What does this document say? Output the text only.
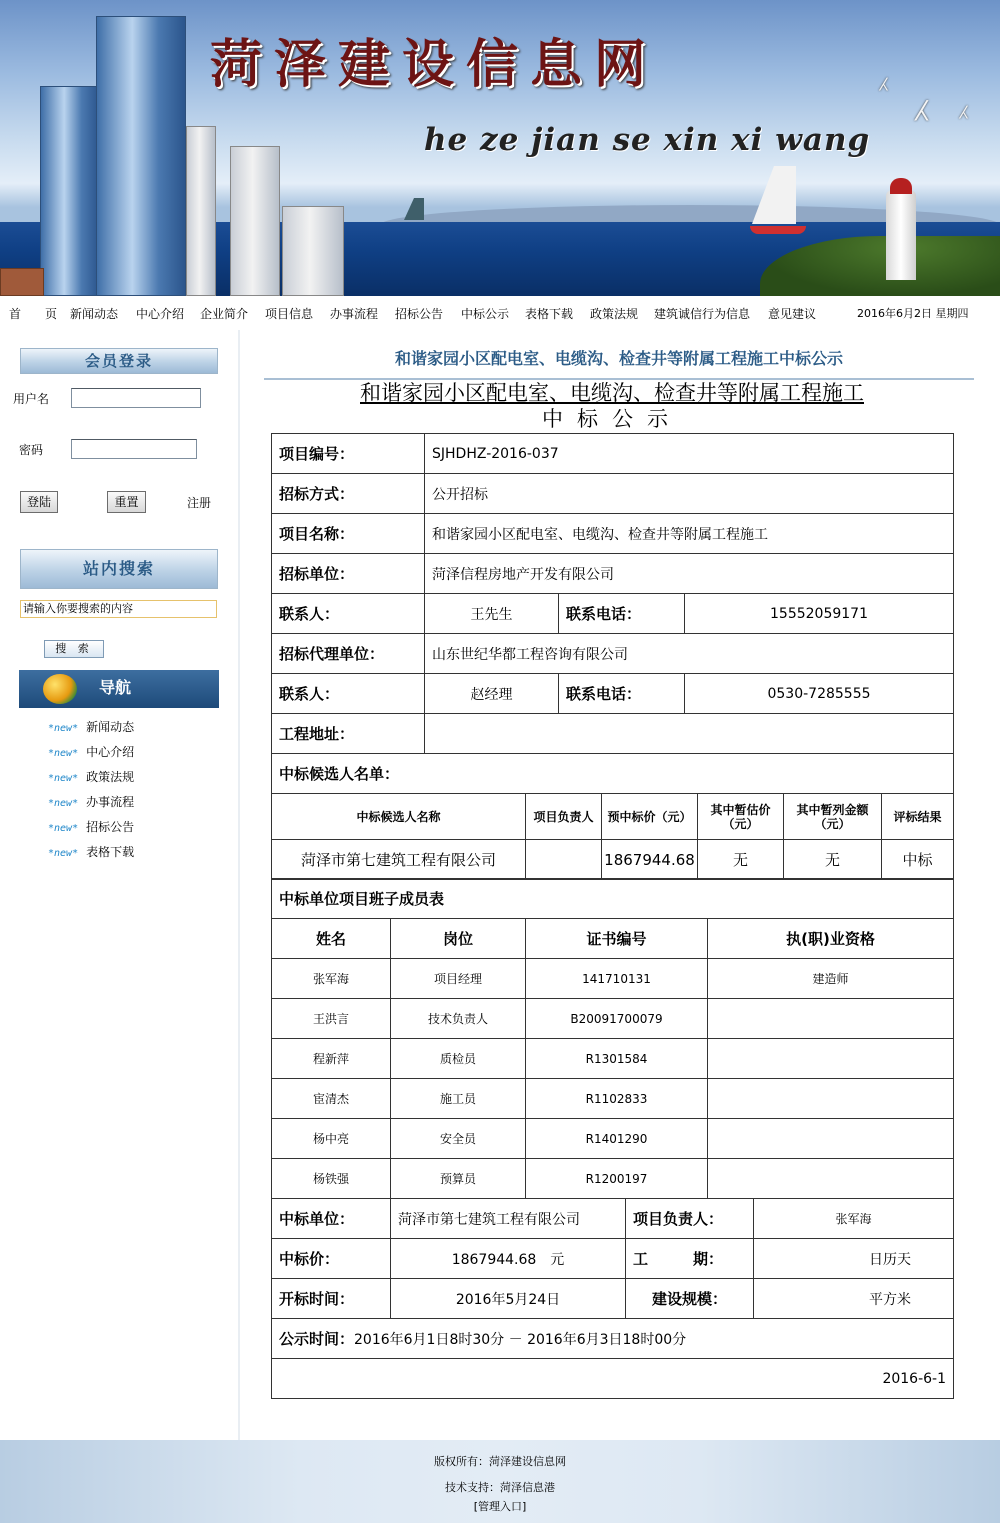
⁁ ⁁ ⁁
菏泽建设信息网
he ze jian se xin xi wang
首　　页 新闻动态 中心介绍 企业简介 项目信息 办事流程 招标公告 中标公示 表格下载 政策法规 建筑诚信行为信息 意见建议	2016年6月2日 星期四
会员登录
用户名
密码
登陆	重置	注册
站内搜索
请输入你要搜索的内容
搜 索
导航
*new* 新闻动态
*new* 中心介绍
*new* 政策法规
*new* 办事流程
*new* 招标公告
*new* 表格下载
和谐家园小区配电室、电缆沟、检查井等附属工程施工中标公示
和谐家园小区配电室、电缆沟、检查井等附属工程施工
中标公示
项目编号：	SJHDHZ-2016-037		
招标方式：	公开招标		
项目名称：	和谐家园小区配电室、电缆沟、检查井等附属工程施工		
招标单位：	菏泽信程房地产开发有限公司		
联系人：	王先生	联系电话：	15552059171
招标代理单位：	山东世纪华都工程咨询有限公司		
联系人：	赵经理	联系电话：	0530-7285555
工程地址：			
中标候选人名单：			
中标候选人名称	项目负责人	预中标价（元）	其中暂估价（元）	其中暂列金额（元）	评标结果
菏泽市第七建筑工程有限公司		1867944.68	无	无	中标
中标单位项目班子成员表			
姓名	岗位	证书编号	执(职)业资格
张军海	项目经理	141710131	建造师
王洪言	技术负责人	B20091700079	
程新萍	质检员	R1301584	
宦清杰	施工员	R1102833	
杨中亮	安全员	R1401290	
杨铁强	预算员	R1200197	
中标单位：	菏泽市第七建筑工程有限公司	项目负责人：	张军海
中标价：	1867944.68　元	工　　　期：	日历天
开标时间：	2016年5月24日	建设规模：	平方米
公示时间：2016年6月1日8时30分 － 2016年6月3日18时00分			
2016-6-1			
版权所有：菏泽建设信息网
技术支持：菏泽信息港
[管理入口]
